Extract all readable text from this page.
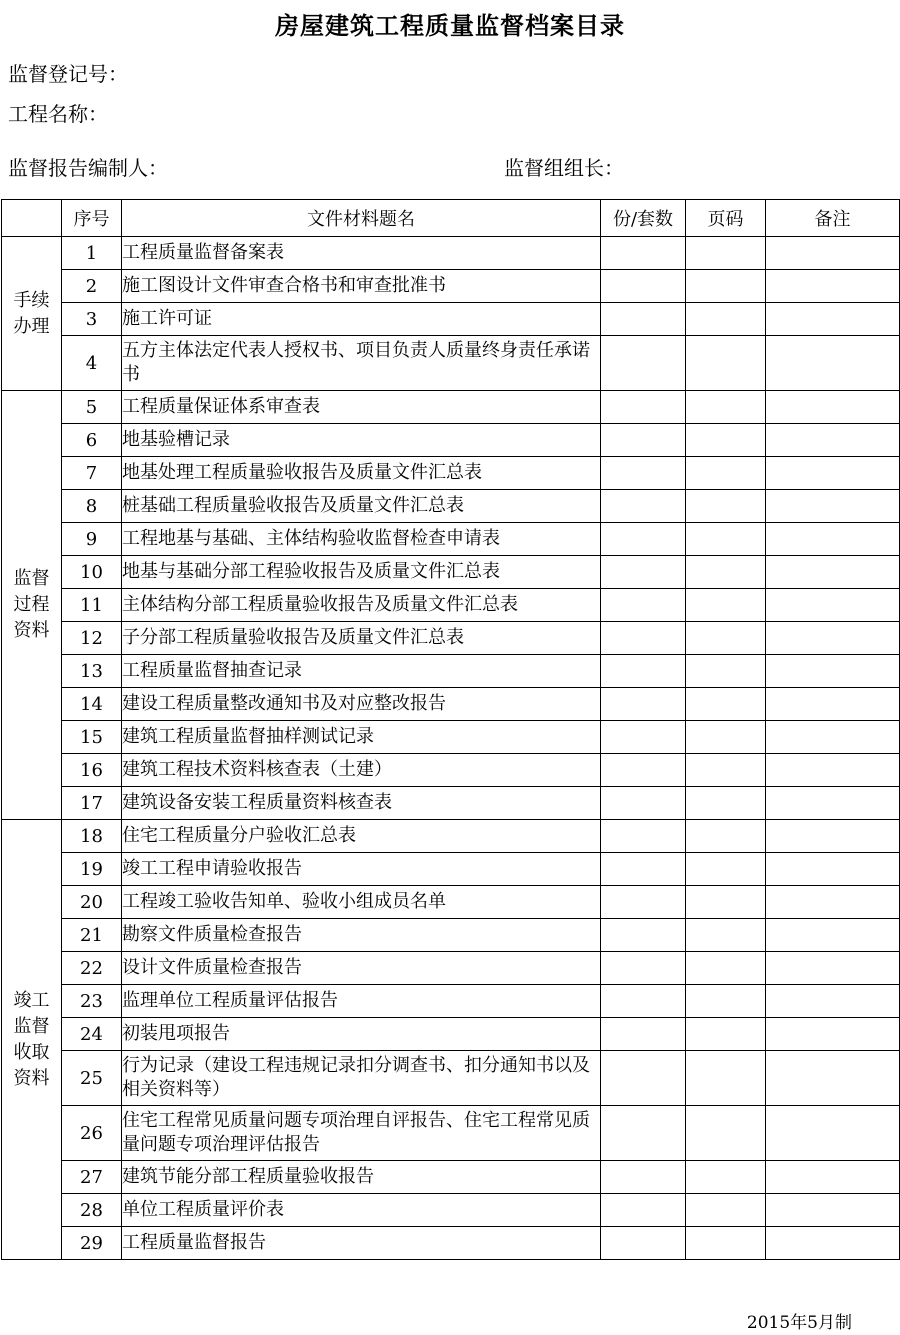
房屋建筑工程质量监督档案目录
监督登记号：
工程名称：
监督报告编制人：	监督组组长：
	序号	文件材料题名	份/套数	页码	备注
手续办理	1	工程质量监督备案表			
	2	施工图设计文件审查合格书和审查批准书			
	3	施工许可证			
	4	五方主体法定代表人授权书、项目负责人质量终身责任承诺书			
监督过程资料	5	工程质量保证体系审查表			
	6	地基验槽记录			
	7	地基处理工程质量验收报告及质量文件汇总表			
	8	桩基础工程质量验收报告及质量文件汇总表			
	9	工程地基与基础、主体结构验收监督检查申请表			
	10	地基与基础分部工程验收报告及质量文件汇总表			
	11	主体结构分部工程质量验收报告及质量文件汇总表			
	12	子分部工程质量验收报告及质量文件汇总表			
	13	工程质量监督抽查记录			
	14	建设工程质量整改通知书及对应整改报告			
	15	建筑工程质量监督抽样测试记录			
	16	建筑工程技术资料核查表（土建）			
	17	建筑设备安装工程质量资料核查表			
竣工监督收取资料	18	住宅工程质量分户验收汇总表			
	19	竣工工程申请验收报告			
	20	工程竣工验收告知单、验收小组成员名单			
	21	勘察文件质量检查报告			
	22	设计文件质量检查报告			
	23	监理单位工程质量评估报告			
	24	初装甩项报告			
	25	行为记录（建设工程违规记录扣分调查书、扣分通知书以及相关资料等）			
	26	住宅工程常见质量问题专项治理自评报告、住宅工程常见质量问题专项治理评估报告			
	27	建筑节能分部工程质量验收报告			
	28	单位工程质量评价表			
	29	工程质量监督报告			
2015年5月制
